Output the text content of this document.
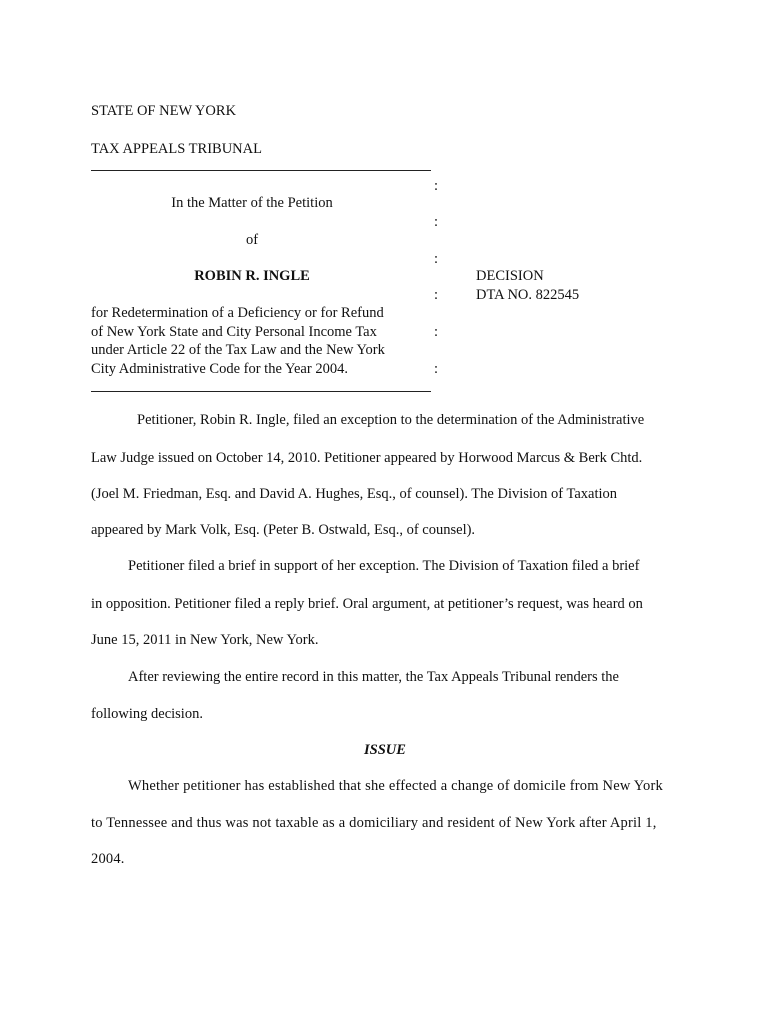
STATE OF NEW YORK
TAX APPEALS TRIBUNAL
:
In the Matter of the Petition
:
of
:
ROBIN R. INGLE
:
:
:
DECISION
DTA NO. 822545
for Redetermination of a Deficiency or for Refund
of New York State and City Personal Income Tax
under Article 22 of the Tax Law and the New York
City Administrative Code for the Year 2004.
Petitioner, Robin R. Ingle, filed an exception to the determination of the Administrative
Law Judge issued on October 14, 2010. Petitioner appeared by Horwood Marcus & Berk Chtd.
(Joel M. Friedman, Esq. and David A. Hughes, Esq., of counsel). The Division of Taxation
appeared by Mark Volk, Esq. (Peter B. Ostwald, Esq., of counsel).
Petitioner filed a brief in support of her exception. The Division of Taxation filed a brief
in opposition. Petitioner filed a reply brief. Oral argument, at petitioner’s request, was heard on
June 15, 2011 in New York, New York.
After reviewing the entire record in this matter, the Tax Appeals Tribunal renders the
following decision.
ISSUE
Whether petitioner has established that she effected a change of domicile from New York
to Tennessee and thus was not taxable as a domiciliary and resident of New York after April 1,
2004.
